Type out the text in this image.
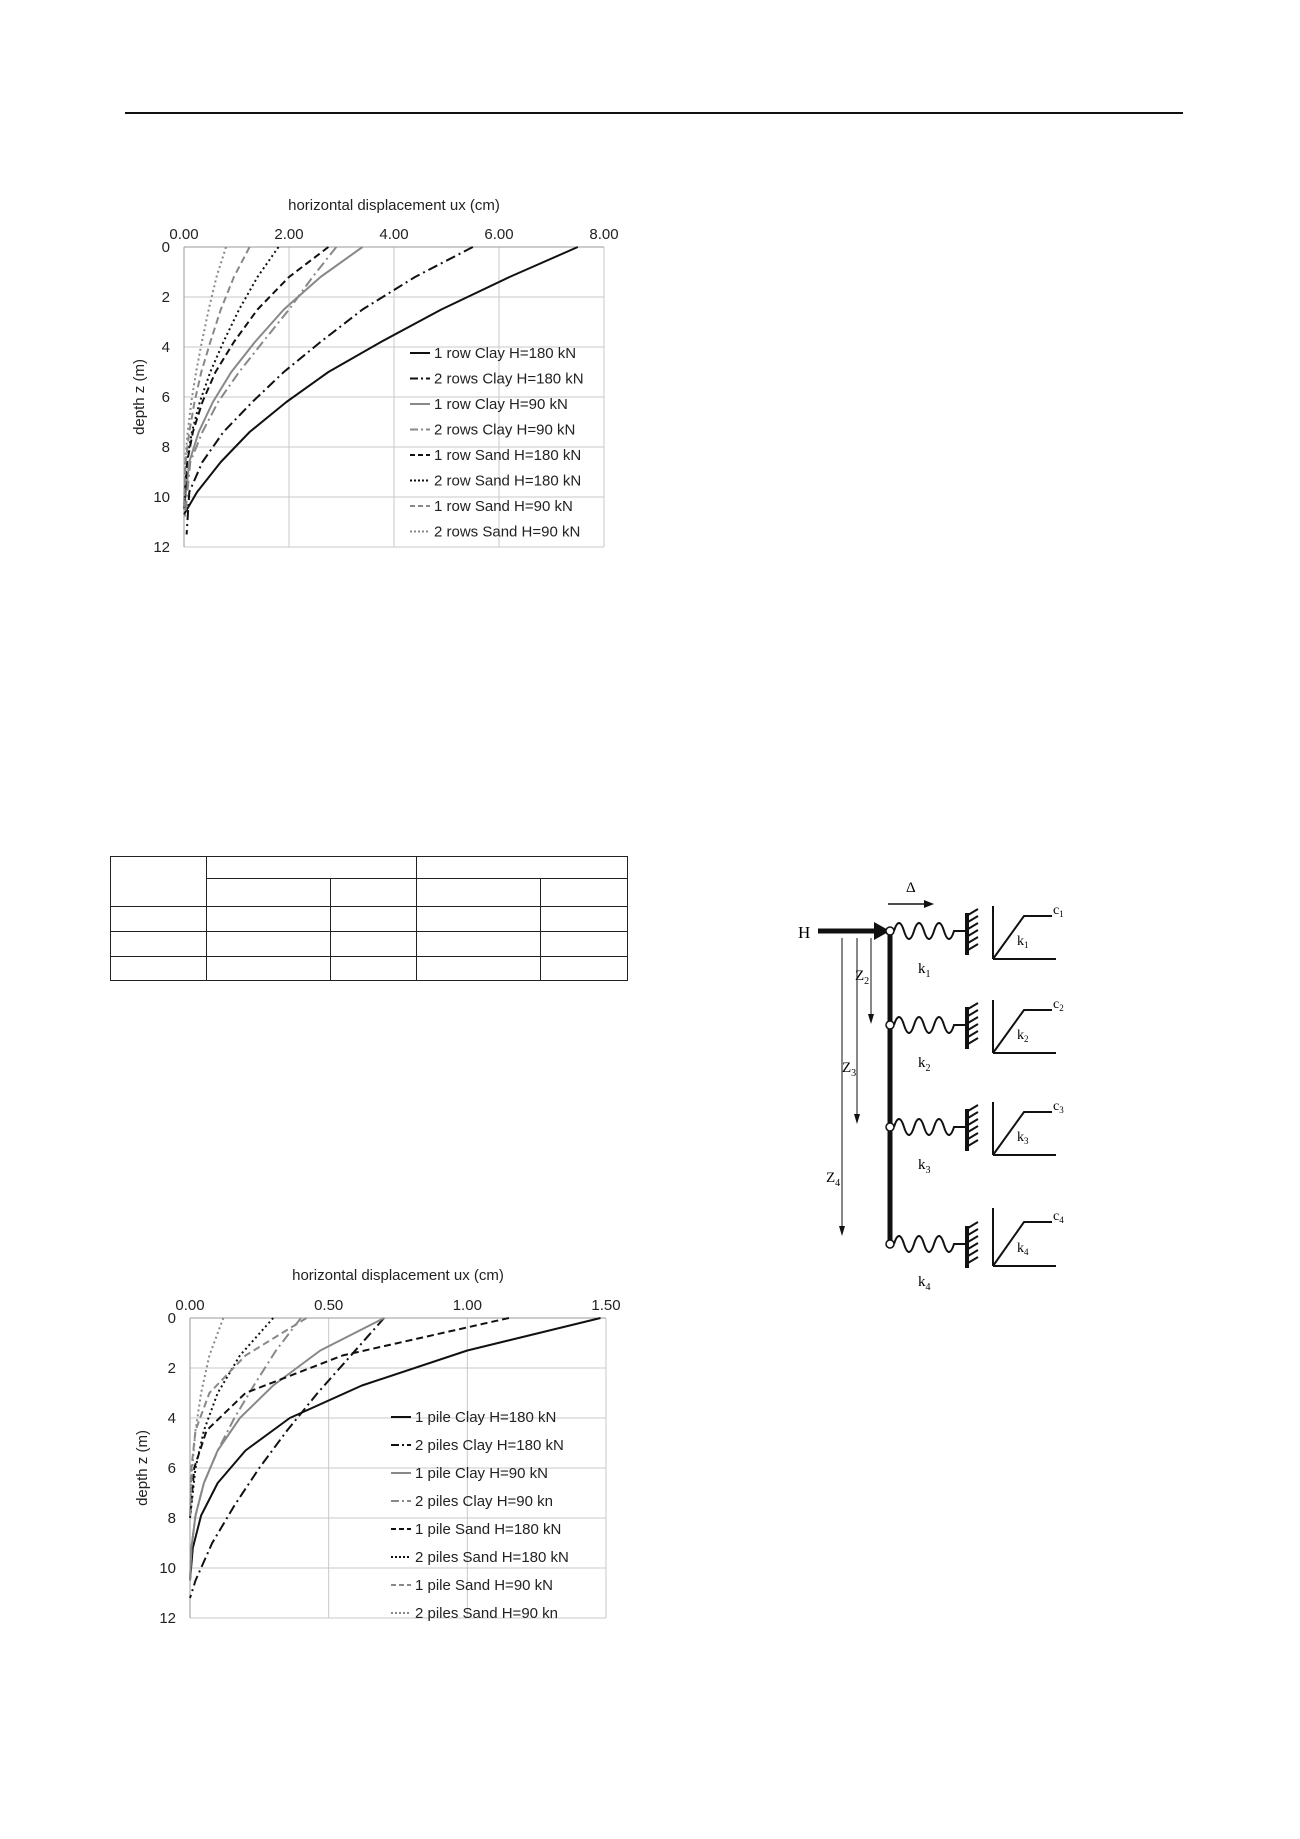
0.00	2.00	4.00	6.00	8.00
0
2
4
6
8
10
12
horizontal displacement ux (cm)
depth z (m)
1 row Clay H=180 kN
2 rows Clay H=180 kN
1 row Clay H=90 kN
2 rows Clay H=90 kN
1 row Sand H=180 kN
2 row Sand H=180 kN
1 row Sand H=90 kN
2 rows Sand H=90 kN

H
Δ
$Z_2$
$Z_3$
$Z_4$
$c_1$
$k_1$
$k_1$
$c_2$
$k_2$
$k_2$
$c_3$
$k_3$
$k_3$
$c_4$
$k_4$
$k_4$
0.00	0.50	1.00	1.50
0
2
4
6
8
10
12
horizontal displacement ux (cm)
depth z (m)
1 pile Clay H=180 kN
2 piles Clay H=180 kN
1 pile Clay H=90 kN
2 piles Clay H=90 kn
1 pile Sand H=180 kN
2 piles Sand H=180 kN
1 pile Sand H=90 kN
2 piles Sand H=90 kn
